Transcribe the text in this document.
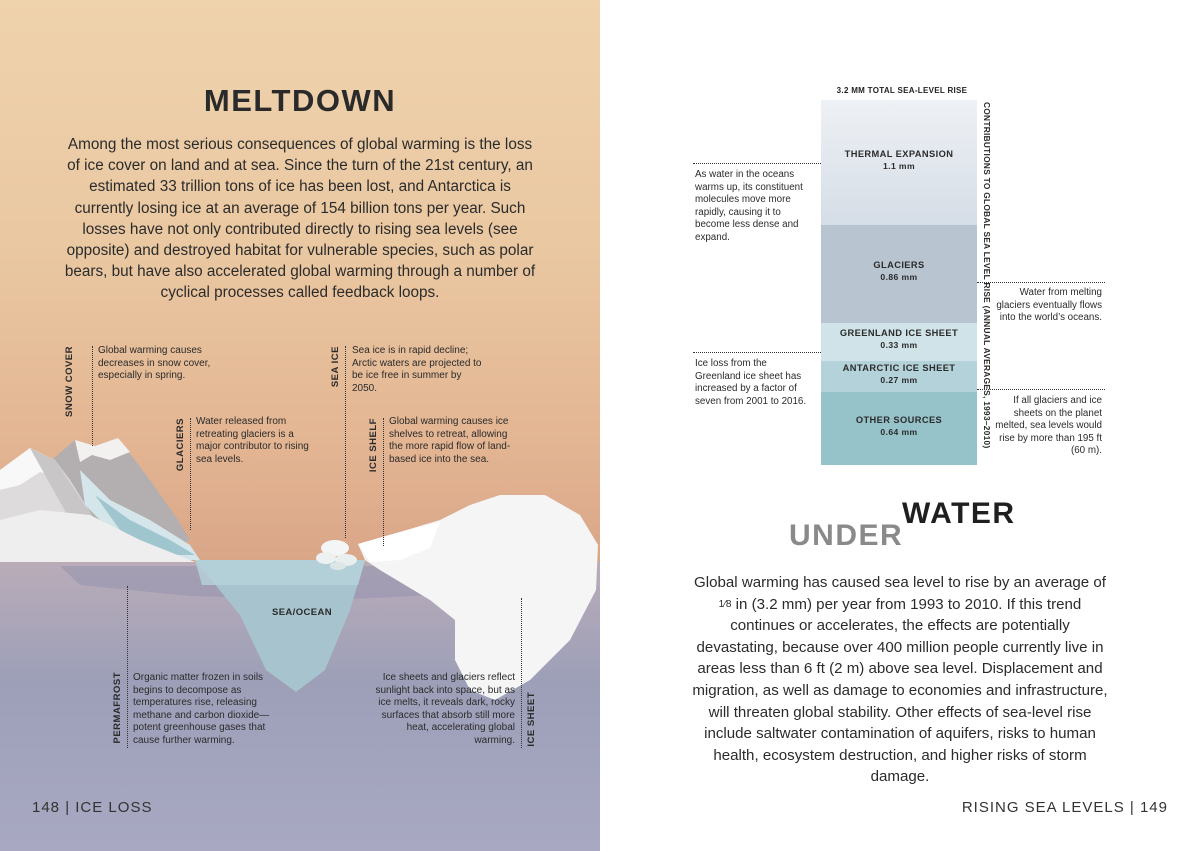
MELTDOWN
Among the most serious consequences of global warming is the loss of ice cover on land and at sea. Since the turn of the 21st century, an estimated 33 trillion tons of ice has been lost, and Antarctica is currently losing ice at an average of 154 billion tons per year. Such losses have not only contributed directly to rising sea levels (see opposite) and destroyed habitat for vulnerable species, such as polar bears, but have also accelerated global warming through a number of cyclical processes called feedback loops.
SNOW COVER Global warming causes decreases in snow cover, especially in spring.	SEA ICE Sea ice is in rapid decline; Arctic waters are projected to be ice free in summer by 2050.
GLACIERS Water released from retreating glaciers is a major contributor to rising sea levels.	ICE SHELF Global warming causes ice shelves to retreat, allowing the more rapid flow of land-based ice into the sea.
SEA/OCEAN
PERMAFROST Organic matter frozen in soils begins to decompose as temperatures rise, releasing methane and carbon dioxide—potent greenhouse gases that cause further warming.	ICE SHEET
Ice sheets and glaciers reflect sunlight back into space, but as ice melts, it reveals dark, rocky surfaces that absorb still more heat, accelerating global warming.
148 | ICE LOSS
3.2 MM TOTAL SEA-LEVEL RISE
THERMAL EXPANSION
1.1 mm
GLACIERS
0.86 mm
GREENLAND ICE SHEET
0.33 mm
ANTARCTIC ICE SHEET
0.27 mm
OTHER SOURCES
0.64 mm	CONTRIBUTIONS TO GLOBAL SEA LEVEL RISE (ANNUAL AVERAGES, 1993–2010)
As water in the oceans warms up, its constituent molecules move more rapidly, causing it to become less dense and expand.
Water from melting glaciers eventually flows into the world’s oceans.
Ice loss from the Greenland ice sheet has increased by a factor of seven from 2001 to 2016.	If all glaciers and ice sheets on the planet melted, sea levels would rise by more than 195 ft (60 m).
UNDER
WATER
Global warming has caused sea level to rise by an average of 1⁄8 in (3.2 mm) per year from 1993 to 2010. If this trend continues or accelerates, the effects are potentially devastating, because over 400 million people currently live in areas less than 6 ft (2 m) above sea level. Displacement and migration, as well as damage to economies and infrastructure, will threaten global stability. Other effects of sea-level rise include saltwater contamination of aquifers, risks to human health, ecosystem destruction, and higher risks of storm damage.
RISING SEA LEVELS | 149
